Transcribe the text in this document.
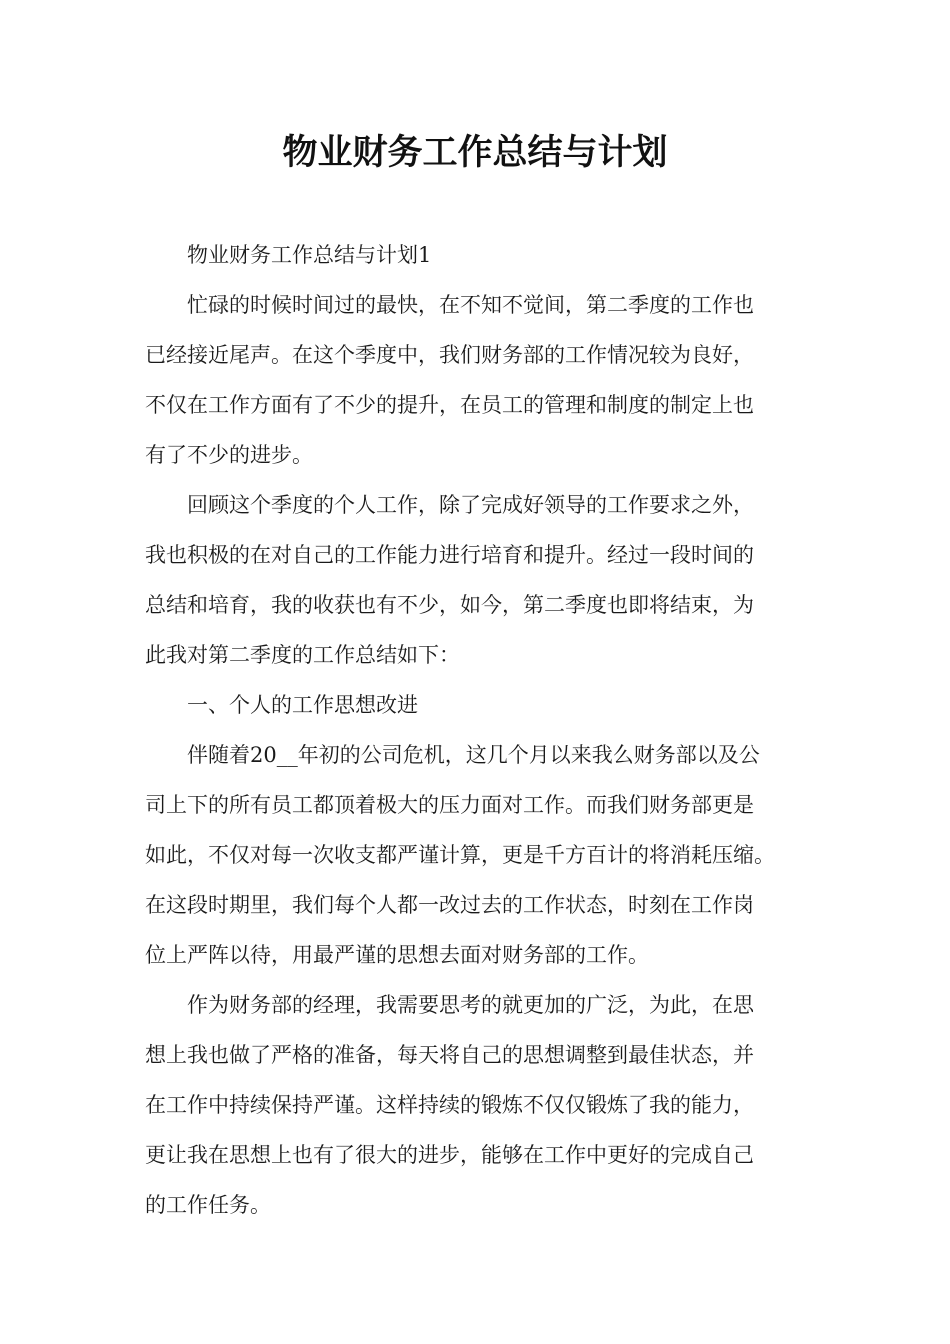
物业财务工作总结与计划

物业财务工作总结与计划1

忙碌的时候时间过的最快，在不知不觉间，第二季度的工作也
已经接近尾声。在这个季度中，我们财务部的工作情况较为良好，
不仅在工作方面有了不少的提升，在员工的管理和制度的制定上也
有了不少的进步。

回顾这个季度的个人工作，除了完成好领导的工作要求之外，
我也积极的在对自己的工作能力进行培育和提升。经过一段时间的
总结和培育，我的收获也有不少，如今，第二季度也即将结束，为
此我对第二季度的工作总结如下：

一、个人的工作思想改进

伴随着20__年初的公司危机，这几个月以来我么财务部以及公
司上下的所有员工都顶着极大的压力面对工作。而我们财务部更是
如此，不仅对每一次收支都严谨计算，更是千方百计的将消耗压缩。
在这段时期里，我们每个人都一改过去的工作状态，时刻在工作岗
位上严阵以待，用最严谨的思想去面对财务部的工作。

作为财务部的经理，我需要思考的就更加的广泛，为此，在思
想上我也做了严格的准备，每天将自己的思想调整到最佳状态，并
在工作中持续保持严谨。这样持续的锻炼不仅仅锻炼了我的能力，
更让我在思想上也有了很大的进步，能够在工作中更好的完成自己
的工作任务。
